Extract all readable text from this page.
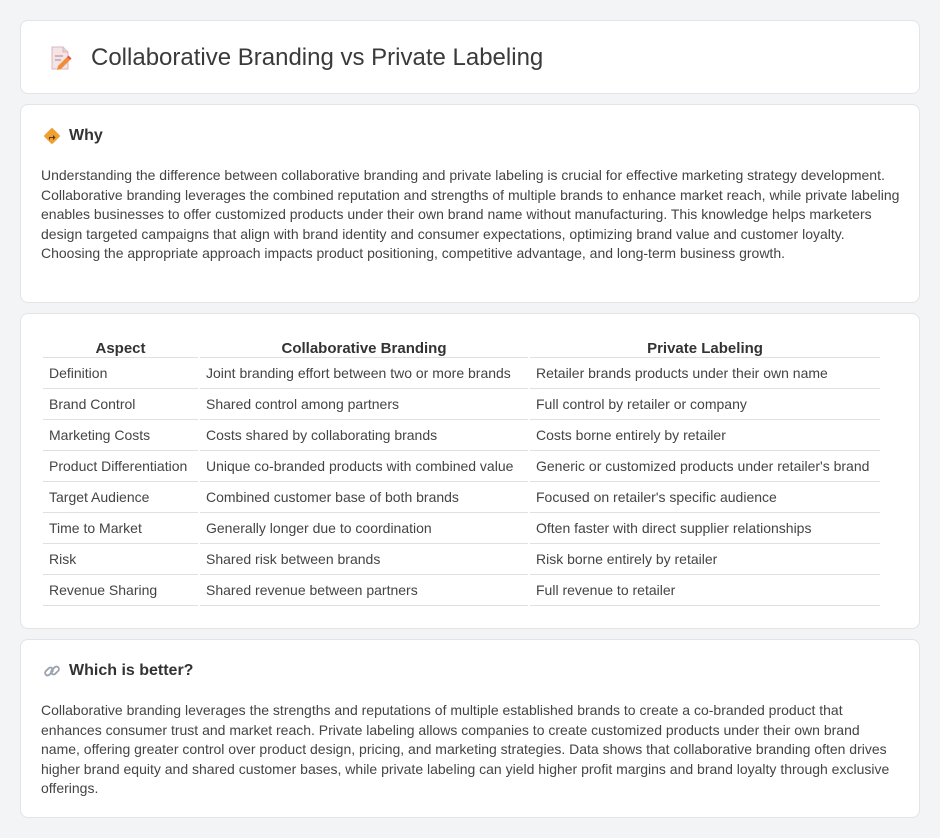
Collaborative Branding vs Private Labeling
Why

Understanding the difference between collaborative branding and private labeling is crucial for effective marketing strategy development. Collaborative branding leverages the combined reputation and strengths of multiple brands to enhance market reach, while private labeling enables businesses to offer customized products under their own brand name without manufacturing. This knowledge helps marketers design targeted campaigns that align with brand identity and consumer expectations, optimizing brand value and customer loyalty. Choosing the appropriate approach impacts product positioning, competitive advantage, and long-term business growth.

Aspect	Collaborative Branding	Private Labeling
Definition	Joint branding effort between two or more brands	Retailer brands products under their own name
Brand Control	Shared control among partners	Full control by retailer or company
Marketing Costs	Costs shared by collaborating brands	Costs borne entirely by retailer
Product Differentiation	Unique co-branded products with combined value	Generic or customized products under retailer's brand
Target Audience	Combined customer base of both brands	Focused on retailer's specific audience
Time to Market	Generally longer due to coordination	Often faster with direct supplier relationships
Risk	Shared risk between brands	Risk borne entirely by retailer
Revenue Sharing	Shared revenue between partners	Full revenue to retailer
Which is better?

Collaborative branding leverages the strengths and reputations of multiple established brands to create a co-branded product that enhances consumer trust and market reach. Private labeling allows companies to create customized products under their own brand name, offering greater control over product design, pricing, and marketing strategies. Data shows that collaborative branding often drives higher brand equity and shared customer bases, while private labeling can yield higher profit margins and brand loyalty through exclusive offerings.
